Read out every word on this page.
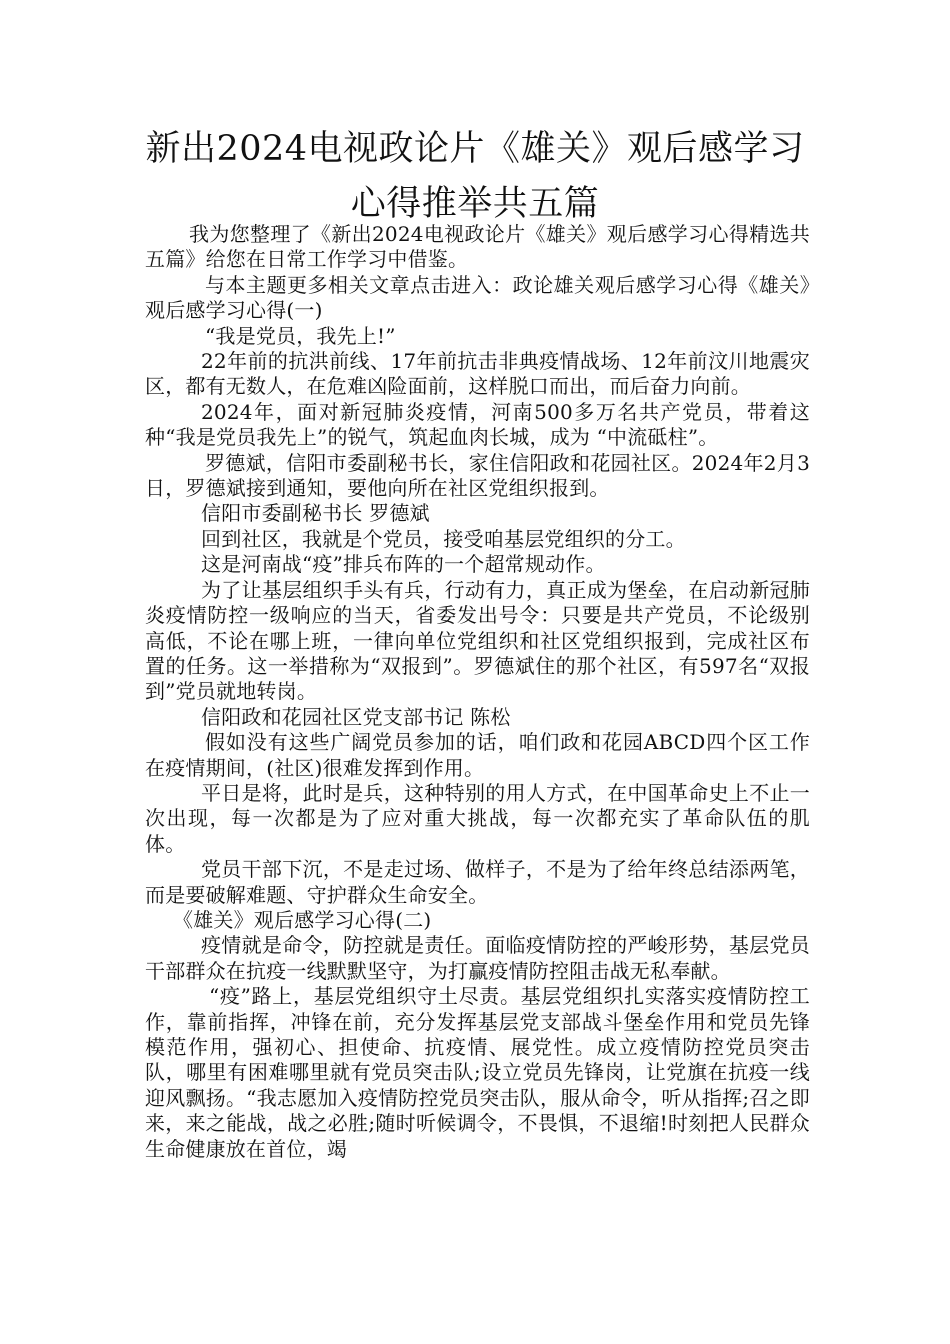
新出2024电视政论片《雄关》观后感学习
心得推举共五篇

我为您整理了《新出2024电视政论片《雄关》观后感学习心得精选共五篇》给您在日常工作学习中借鉴。

与本主题更多相关文章点击进入：政论雄关观后感学习心得《雄关》观后感学习心得(一)

“我是党员，我先上!”

22年前的抗洪前线、17年前抗击非典疫情战场、12年前汶川地震灾区，都有无数人，在危难凶险面前，这样脱口而出，而后奋力向前。

2024年，面对新冠肺炎疫情，河南500多万名共产党员，带着这种“我是党员我先上”的锐气，筑起血肉长城，成为 “中流砥柱”。

罗德斌，信阳市委副秘书长，家住信阳政和花园社区。2024年2月3日，罗德斌接到通知，要他向所在社区党组织报到。

信阳市委副秘书长 罗德斌

回到社区，我就是个党员，接受咱基层党组织的分工。

这是河南战“疫”排兵布阵的一个超常规动作。

为了让基层组织手头有兵，行动有力，真正成为堡垒，在启动新冠肺炎疫情防控一级响应的当天，省委发出号令：只要是共产党员，不论级别高低，不论在哪上班，一律向单位党组织和社区党组织报到，完成社区布置的任务。这一举措称为“双报到”。罗德斌住的那个社区，有597名“双报到”党员就地转岗。

信阳政和花园社区党支部书记 陈松

假如没有这些广阔党员参加的话，咱们政和花园ABCD四个区工作在疫情期间，(社区)很难发挥到作用。

平日是将，此时是兵，这种特别的用人方式，在中国革命史上不止一次出现，每一次都是为了应对重大挑战，每一次都充实了革命队伍的肌体。

党员干部下沉，不是走过场、做样子，不是为了给年终总结添两笔，而是要破解难题、守护群众生命安全。

《雄关》观后感学习心得(二)

疫情就是命令，防控就是责任。面临疫情防控的严峻形势，基层党员干部群众在抗疫一线默默坚守，为打赢疫情防控阻击战无私奉献。

“疫”路上，基层党组织守土尽责。基层党组织扎实落实疫情防控工作，靠前指挥，冲锋在前，充分发挥基层党支部战斗堡垒作用和党员先锋模范作用，强初心、担使命、抗疫情、展党性。成立疫情防控党员突击队，哪里有困难哪里就有党员突击队;设立党员先锋岗，让党旗在抗疫一线迎风飘扬。“我志愿加入疫情防控党员突击队，服从命令，听从指挥;召之即来，来之能战，战之必胜;随时听候调令，不畏惧，不退缩!时刻把人民群众生命健康放在首位，竭
